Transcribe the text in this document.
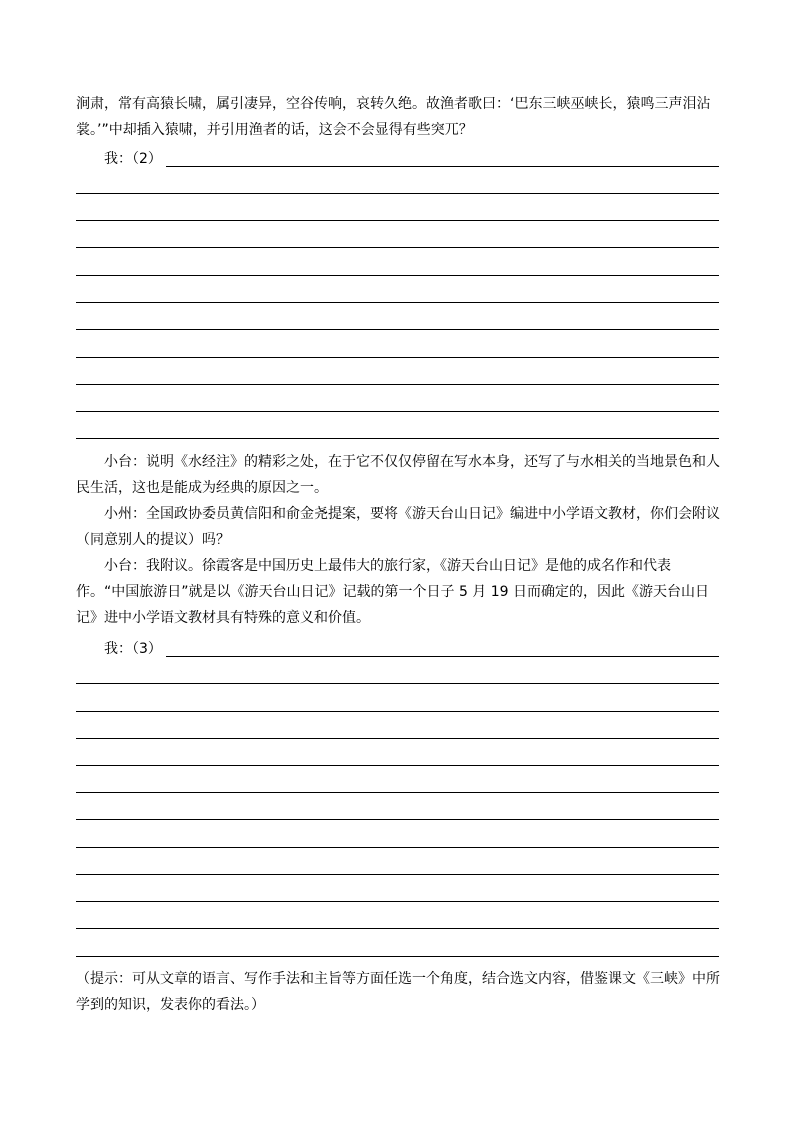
涧肃，常有高猿长啸，属引凄异，空谷传响，哀转久绝。故渔者歌曰：‘巴东三峡巫峡长，猿鸣三声泪沾裳。’”中却插入猿啸，并引用渔者的话，这会不会显得有些突兀？

我：（2）

小台：说明《水经注》的精彩之处，在于它不仅仅停留在写水本身，还写了与水相关的当地景色和人民生活，这也是能成为经典的原因之一。

小州：全国政协委员黄信阳和俞金尧提案，要将《游天台山日记》编进中小学语文教材，你们会附议（同意别人的提议）吗？

小台：我附议。徐霞客是中国历史上最伟大的旅行家，《游天台山日记》是他的成名作和代表作。“中国旅游日”就是以《游天台山日记》记载的第一个日子 5 月 19 日而确定的，因此《游天台山日记》进中小学语文教材具有特殊的意义和价值。

我：（3）

（提示：可从文章的语言、写作手法和主旨等方面任选一个角度，结合选文内容，借鉴课文《三峡》中所学到的知识，发表你的看法。）
